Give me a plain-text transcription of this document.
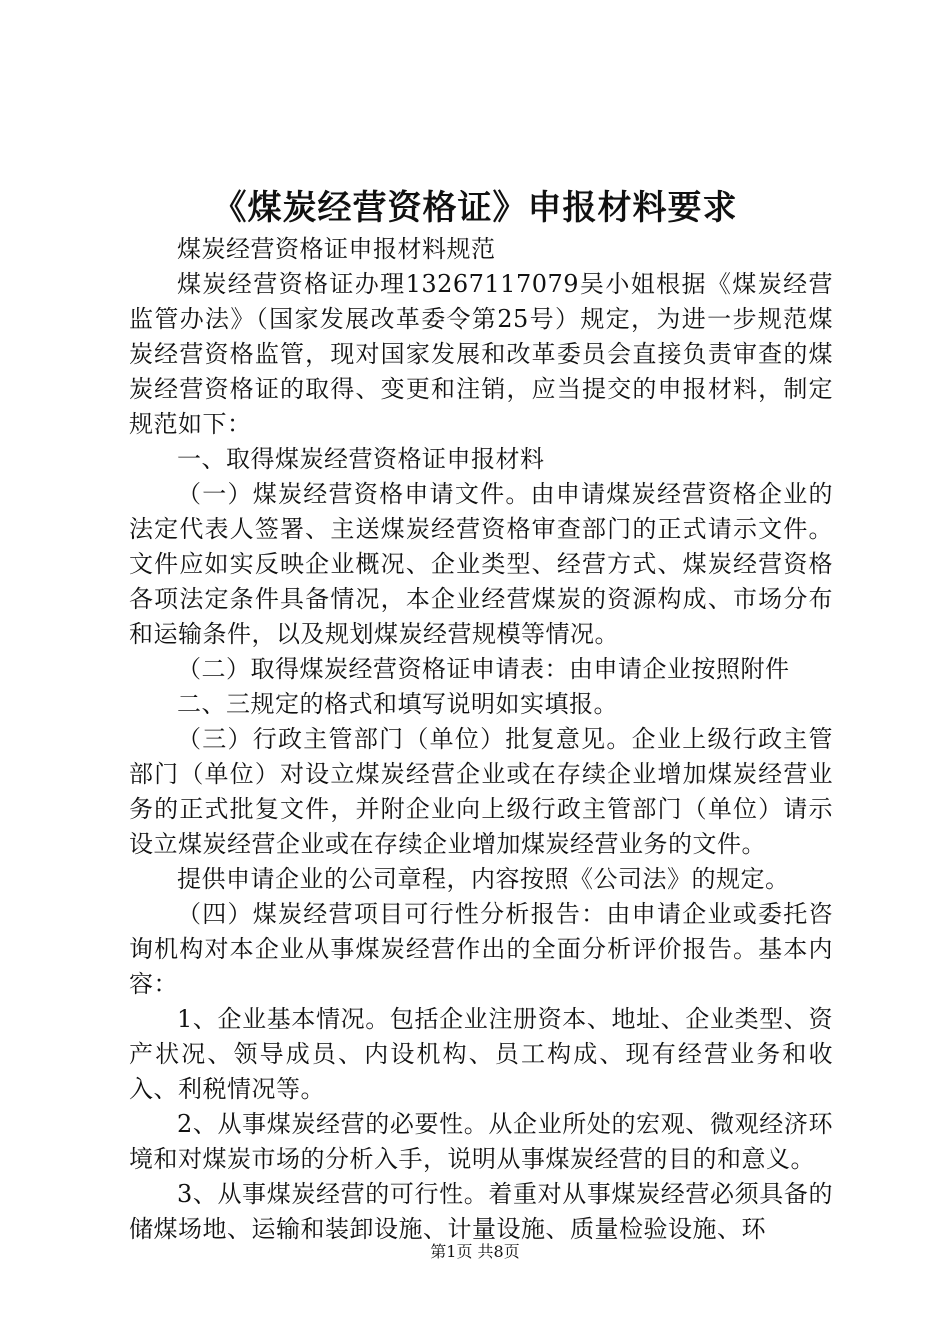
《煤炭经营资格证》申报材料要求

煤炭经营资格证申报材料规范

煤炭经营资格证办理13267117079吴小姐根据《煤炭经营监管办法》（国家发展改革委令第25号）规定，为进一步规范煤炭经营资格监管，现对国家发展和改革委员会直接负责审查的煤炭经营资格证的取得、变更和注销，应当提交的申报材料，制定规范如下：

一、取得煤炭经营资格证申报材料

（一）煤炭经营资格申请文件。由申请煤炭经营资格企业的法定代表人签署、主送煤炭经营资格审查部门的正式请示文件。文件应如实反映企业概况、企业类型、经营方式、煤炭经营资格各项法定条件具备情况，本企业经营煤炭的资源构成、市场分布和运输条件，以及规划煤炭经营规模等情况。

（二）取得煤炭经营资格证申请表：由申请企业按照附件

二、三规定的格式和填写说明如实填报。

（三）行政主管部门（单位）批复意见。企业上级行政主管部门（单位）对设立煤炭经营企业或在存续企业增加煤炭经营业务的正式批复文件，并附企业向上级行政主管部门（单位）请示设立煤炭经营企业或在存续企业增加煤炭经营业务的文件。

提供申请企业的公司章程，内容按照《公司法》的规定。

（四）煤炭经营项目可行性分析报告：由申请企业或委托咨询机构对本企业从事煤炭经营作出的全面分析评价报告。基本内容：

1、企业基本情况。包括企业注册资本、地址、企业类型、资产状况、领导成员、内设机构、员工构成、现有经营业务和收入、利税情况等。

2、从事煤炭经营的必要性。从企业所处的宏观、微观经济环境和对煤炭市场的分析入手，说明从事煤炭经营的目的和意义。

3、从事煤炭经营的可行性。着重对从事煤炭经营必须具备的储煤场地、运输和装卸设施、计量设施、质量检验设施、环

第1页 共8页
